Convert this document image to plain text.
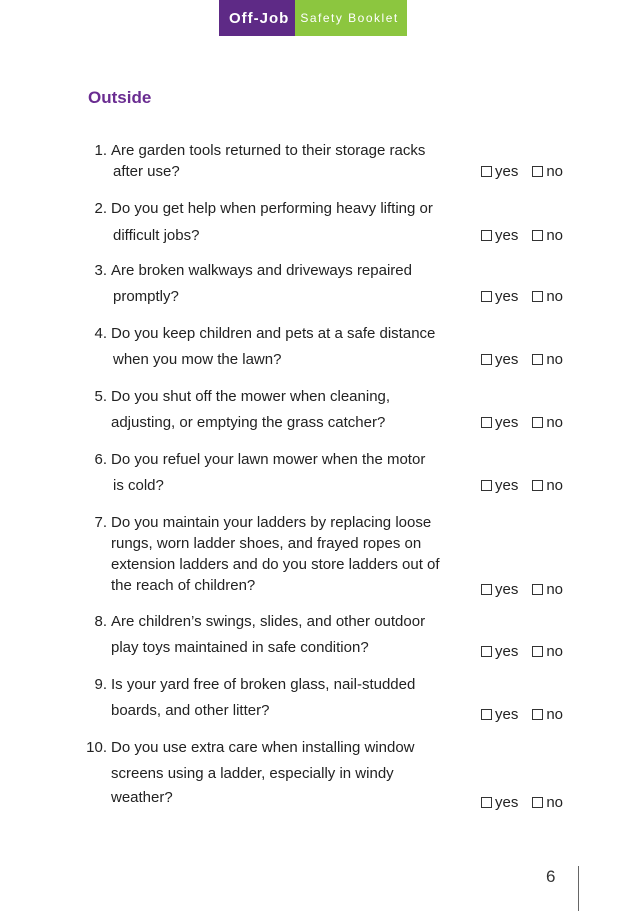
Off-Job Safety Booklet
Outside
1. Are garden tools returned to their storage racks
after use?	yes no
2. Do you get help when performing heavy lifting or
difficult jobs?	yes no
3. Are broken walkways and driveways repaired
promptly?	yes no
4. Do you keep children and pets at a safe distance
when you mow the lawn?	yes no
5. Do you shut off the mower when cleaning,
adjusting, or emptying the grass catcher?	yes no
6. Do you refuel your lawn mower when the motor
is cold?	yes no
7. Do you maintain your ladders by replacing loose
rungs, worn ladder shoes, and frayed ropes on
extension ladders and do you store ladders out of
the reach of children?	yes no
8. Are children’s swings, slides, and other outdoor
play toys maintained in safe condition?	yes no
9. Is your yard free of broken glass, nail-studded
boards, and other litter?	yes no
10. Do you use extra care when installing window
screens using a ladder, especially in windy
weather?	yes no
6
